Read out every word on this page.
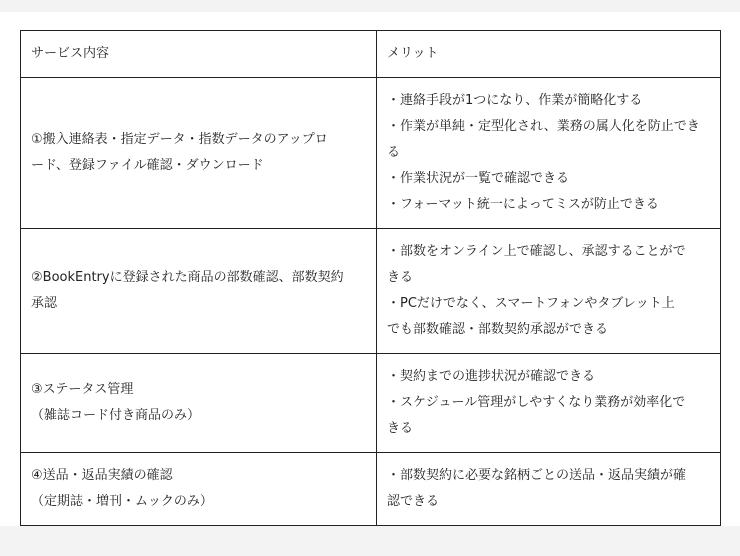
サービス内容	メリット

①搬入連絡表・指定データ・指数データのアップロ
ード、登録ファイル確認・ダウンロード	・連絡手段が1つになり、作業が簡略化する
・作業が単純・定型化され、業務の属人化を防止でき
る
・作業状況が一覧で確認できる
・フォーマット統一によってミスが防止できる

②BookEntryに登録された商品の部数確認、部数契約
承認	・部数をオンライン上で確認し、承認することがで
きる
・PCだけでなく、スマートフォンやタブレット上
でも部数確認・部数契約承認ができる

③ステータス管理
（雑誌コード付き商品のみ）	・契約までの進捗状況が確認できる
・スケジュール管理がしやすくなり業務が効率化で
きる

④送品・返品実績の確認
（定期誌・増刊・ムックのみ）	・部数契約に必要な銘柄ごとの送品・返品実績が確
認できる
